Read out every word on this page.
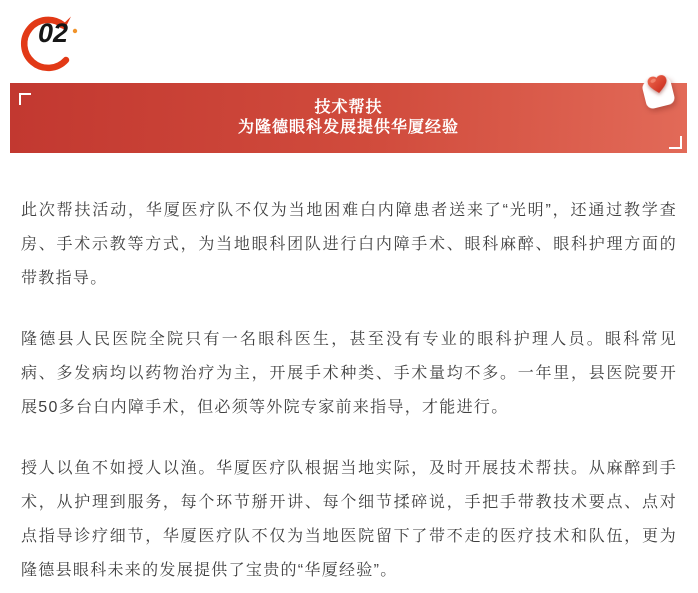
02
技术帮扶
为隆德眼科发展提供华厦经验

此次帮扶活动，华厦医疗队不仅为当地困难白内障患者送来了“光明”，还通过教学查房、手术示教等方式，为当地眼科团队进行白内障手术、眼科麻醉、眼科护理方面的带教指导。

隆德县人民医院全院只有一名眼科医生，甚至没有专业的眼科护理人员。眼科常见病、多发病均以药物治疗为主，开展手术种类、手术量均不多。一年里，县医院要开展50多台白内障手术，但必须等外院专家前来指导，才能进行。

授人以鱼不如授人以渔。华厦医疗队根据当地实际，及时开展技术帮扶。从麻醉到手术，从护理到服务，每个环节掰开讲、每个细节揉碎说，手把手带教技术要点、点对点指导诊疗细节，华厦医疗队不仅为当地医院留下了带不走的医疗技术和队伍，更为隆德县眼科未来的发展提供了宝贵的“华厦经验”。
